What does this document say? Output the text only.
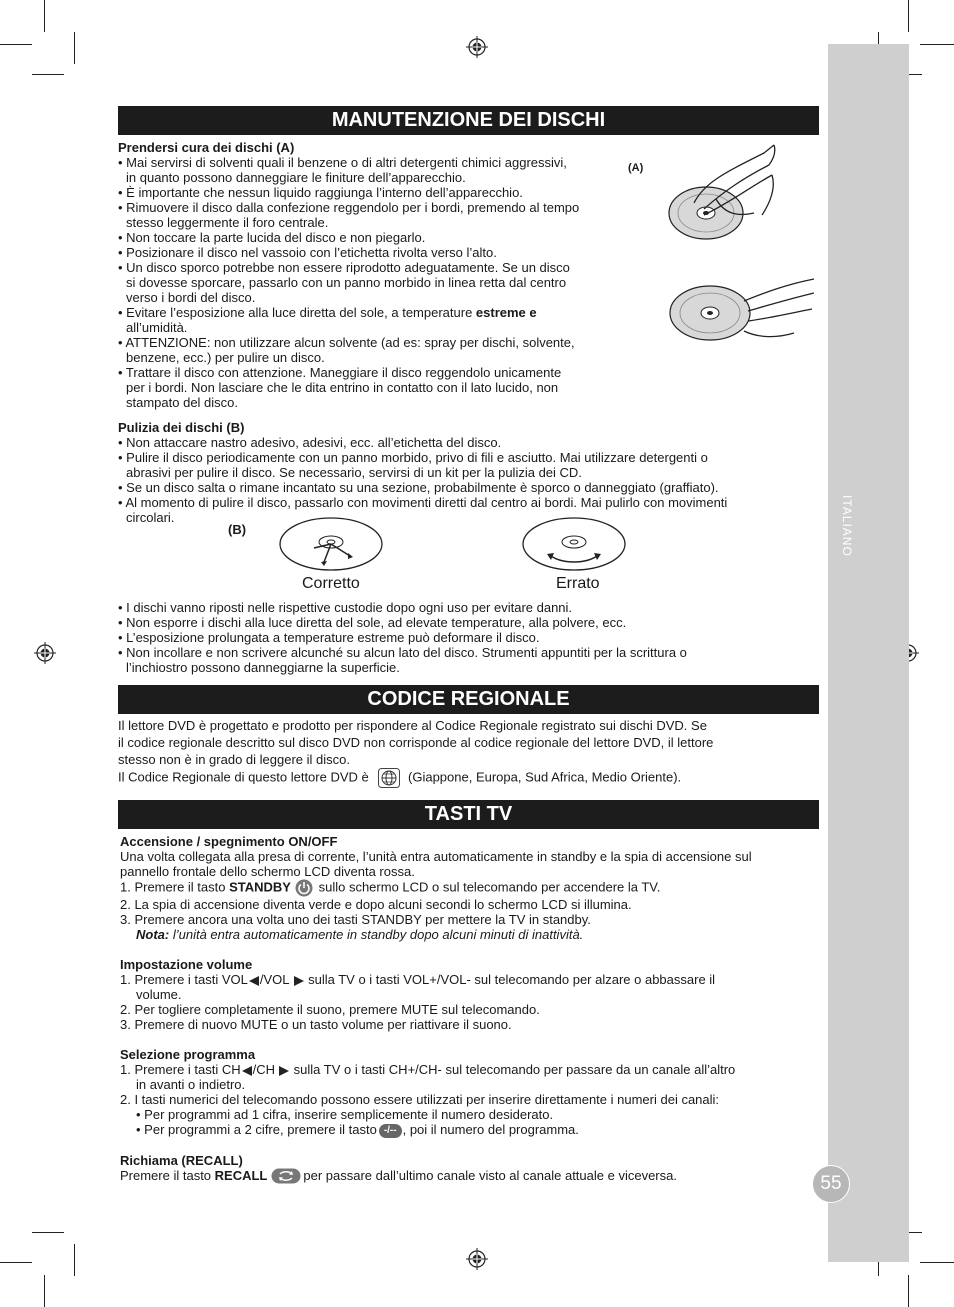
ITALIANO
55
MANUTENZIONE DEI DISCHI
Prendersi cura dei dischi (A)
• Mai servirsi di solventi quali il benzene o di altri detergenti chimici aggressivi,
in quanto possono danneggiare le finiture dell’apparecchio.
• È importante che nessun liquido raggiunga l’interno dell’apparecchio.
• Rimuovere il disco dalla confezione reggendolo per i bordi, premendo al tempo
stesso leggermente il foro centrale.
• Non toccare la parte lucida del disco e non piegarlo.
• Posizionare il disco nel vassoio con l’etichetta rivolta verso l’alto.
• Un disco sporco potrebbe non essere riprodotto adeguatamente. Se un disco
si dovesse sporcare, passarlo con un panno morbido in linea retta dal centro
verso i bordi del disco.
• Evitare l’esposizione alla luce diretta del sole, a temperature estreme e
all’umidità.
• ATTENZIONE: non utilizzare alcun solvente (ad es: spray per dischi, solvente,
benzene, ecc.) per pulire un disco.
• Trattare il disco con attenzione. Maneggiare il disco reggendolo unicamente
per i bordi. Non lasciare che le dita entrino in contatto con il lato lucido, non
stampato del disco.
(A)
Pulizia dei dischi (B)
• Non attaccare nastro adesivo, adesivi, ecc. all’etichetta del disco.
• Pulire il disco periodicamente con un panno morbido, privo di fili e asciutto. Mai utilizzare detergenti o
abrasivi per pulire il disco. Se necessario, servirsi di un kit per la pulizia dei CD.
• Se un disco salta o rimane incantato su una sezione, probabilmente è sporco o danneggiato (graffiato).
• Al momento di pulire il disco, passarlo con movimenti diretti dal centro ai bordi. Mai pulirlo con movimenti
circolari.
(B)
Corretto	Errato
• I dischi vanno riposti nelle rispettive custodie dopo ogni uso per evitare danni.
• Non esporre i dischi alla luce diretta del sole, ad elevate temperature, alla polvere, ecc.
• L’esposizione prolungata a temperature estreme può deformare il disco.
• Non incollare e non scrivere alcunché su alcun lato del disco. Strumenti appuntiti per la scrittura o
l’inchiostro possono danneggiarne la superficie.
CODICE REGIONALE
Il lettore DVD è progettato e prodotto per rispondere al Codice Regionale registrato sui dischi DVD. Se
il codice regionale descritto sul disco DVD non corrisponde al codice regionale del lettore DVD, il lettore
stesso non è in grado di leggere il disco.
Il Codice Regionale di questo lettore DVD è	(Giappone, Europa, Sud Africa, Medio Oriente).
TASTI TV
Accensione / spegnimento ON/OFF
Una volta collegata alla presa di corrente, l’unità entra automaticamente in standby e la spia di accensione sul
pannello frontale dello schermo LCD diventa rossa.
1. Premere il tasto STANDBY sullo schermo LCD o sul telecomando per accendere la TV.
2. La spia di accensione diventa verde e dopo alcuni secondi lo schermo LCD si illumina.
3. Premere ancora una volta uno dei tasti STANDBY per mettere la TV in standby.
Nota: l’unità entra automaticamente in standby dopo alcuni minuti di inattività.

Impostazione volume
1. Premere i tasti VOL /VOL sulla TV o i tasti VOL+/VOL- sul telecomando per alzare o abbassare il
volume.
2. Per togliere completamente il suono, premere MUTE sul telecomando.
3. Premere di nuovo MUTE o un tasto volume per riattivare il suono.

Selezione programma
1. Premere i tasti CH /CH sulla TV o i tasti CH+/CH- sul telecomando per passare da un canale all’altro
in avanti o indietro.
2. I tasti numerici del telecomando possono essere utilizzati per inserire direttamente i numeri dei canali:
• Per programmi ad 1 cifra, inserire semplicemente il numero desiderato.
• Per programmi a 2 cifre, premere il tasto -/-- , poi il numero del programma.

Richiama (RECALL)
Premere il tasto RECALL	per passare dall’ultimo canale visto al canale attuale e viceversa.
